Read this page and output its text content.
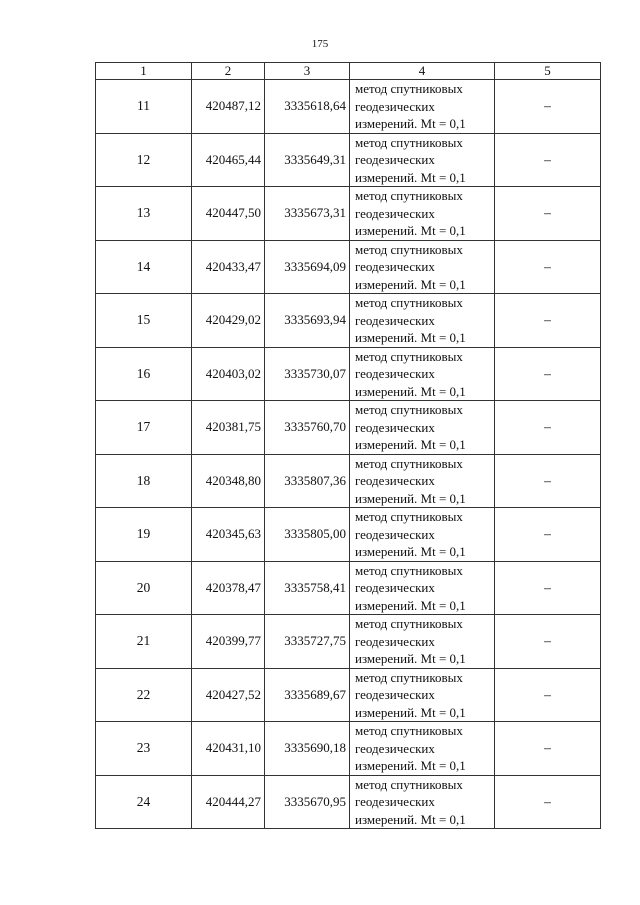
175
1	2	3	4	5
11	420487,12	3335618,64	метод спутниковых
геодезических
измерений. Mt = 0,1	–
12	420465,44	3335649,31	метод спутниковых
геодезических
измерений. Mt = 0,1	–
13	420447,50	3335673,31	метод спутниковых
геодезических
измерений. Mt = 0,1	–
14	420433,47	3335694,09	метод спутниковых
геодезических
измерений. Mt = 0,1	–
15	420429,02	3335693,94	метод спутниковых
геодезических
измерений. Mt = 0,1	–
16	420403,02	3335730,07	метод спутниковых
геодезических
измерений. Mt = 0,1	–
17	420381,75	3335760,70	метод спутниковых
геодезических
измерений. Mt = 0,1	–
18	420348,80	3335807,36	метод спутниковых
геодезических
измерений. Mt = 0,1	–
19	420345,63	3335805,00	метод спутниковых
геодезических
измерений. Mt = 0,1	–
20	420378,47	3335758,41	метод спутниковых
геодезических
измерений. Mt = 0,1	–
21	420399,77	3335727,75	метод спутниковых
геодезических
измерений. Mt = 0,1	–
22	420427,52	3335689,67	метод спутниковых
геодезических
измерений. Mt = 0,1	–
23	420431,10	3335690,18	метод спутниковых
геодезических
измерений. Mt = 0,1	–
24	420444,27	3335670,95	метод спутниковых
геодезических
измерений. Mt = 0,1	–
